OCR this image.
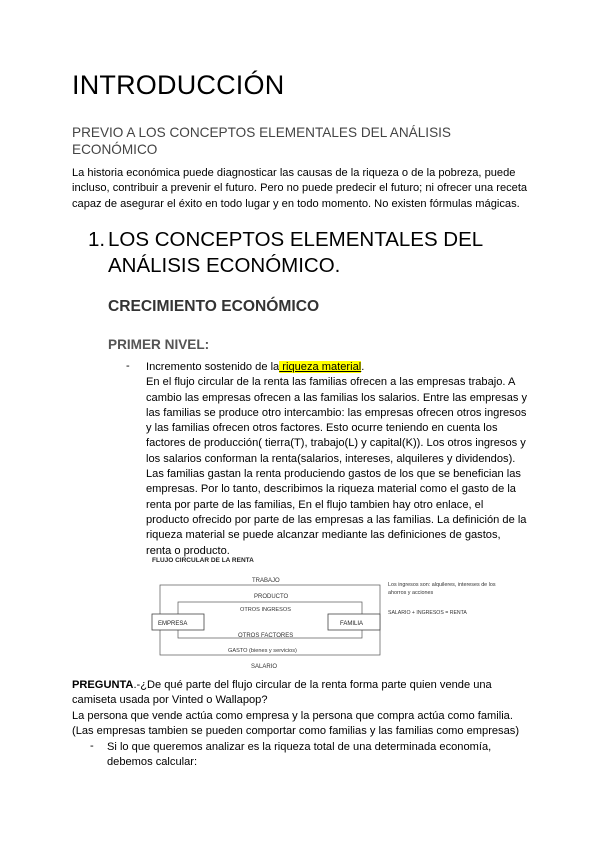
INTRODUCCIÓN

PREVIO A LOS CONCEPTOS ELEMENTALES DEL ANÁLISIS ECONÓMICO

La historia económica puede diagnosticar las causas de la riqueza o de la pobreza, puede

incluso, contribuir a prevenir el futuro. Pero no puede predecir el futuro; ni ofrecer una receta

capaz de asegurar el éxito en todo lugar y en todo momento. No existen fórmulas mágicas.

1. LOS CONCEPTOS ELEMENTALES DEL
ANÁLISIS ECONÓMICO.
CRECIMIENTO ECONÓMICO
PRIMER NIVEL:
- Incremento sostenido de la riqueza material.

En el flujo circular de la renta las familias ofrecen a las empresas trabajo. A

cambio las empresas ofrecen a las familias los salarios. Entre las empresas y

las familias se produce otro intercambio: las empresas ofrecen otros ingresos

y las familias ofrecen otros factores. Esto ocurre teniendo en cuenta los

factores de producción( tierra(T), trabajo(L) y capital(K)). Los otros ingresos y

los salarios conforman la renta(salarios, intereses, alquileres y dividendos).

Las familias gastan la renta produciendo gastos de los que se benefician las

empresas. Por lo tanto, describimos la riqueza material como el gasto de la

renta por parte de las familias, En el flujo tambien hay otro enlace, el

producto ofrecido por parte de las empresas a las familias. La definición de la

riqueza material se puede alcanzar mediante las definiciones de gastos,

renta o producto.

FLUJO CIRCULAR DE LA RENTA
TRABAJO
PRODUCTO
OTROS INGRESOS
EMPRESA	FAMILIA
OTROS FACTORES
GASTO (bienes y servicios)
SALARIO
Los ingresos son: alquileres, intereses de los
ahorros y acciones
SALARIO + INGRESOS = RENTA

PREGUNTA.-¿De qué parte del flujo circular de la renta forma parte quien vende una

camiseta usada por Vinted o Wallapop?

La persona que vende actúa como empresa y la persona que compra actúa como familia.

(Las empresas tambien se pueden comportar como familias y las familias como empresas)

- Si lo que queremos analizar es la riqueza total de una determinada economía,

debemos calcular:
